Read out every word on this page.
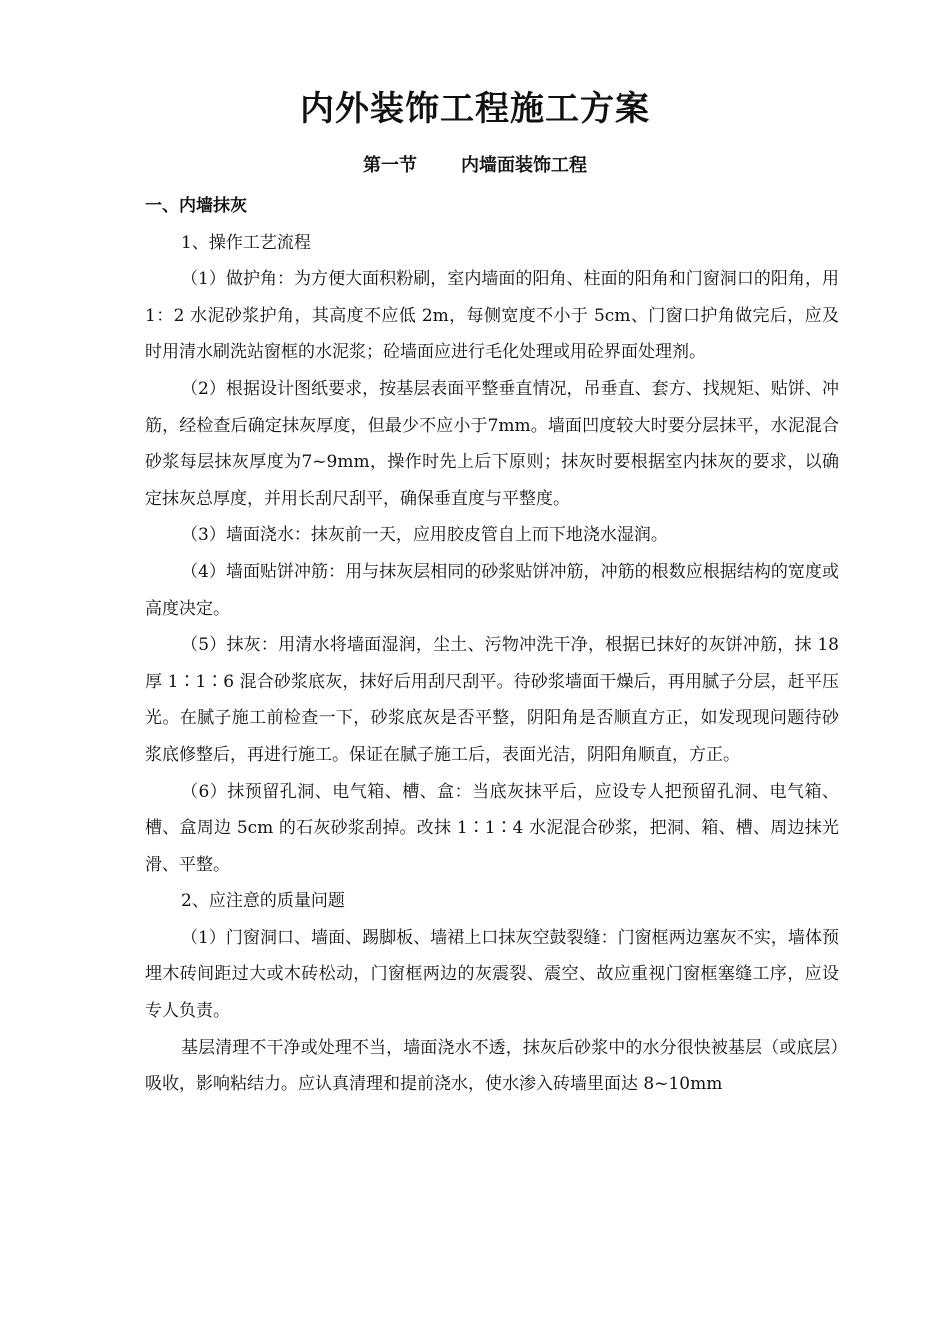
内外装饰工程施工方案
第一节 内墙面装饰工程

一、内墙抹灰

1、操作工艺流程

（1）做护角：为方便大面积粉刷，室内墙面的阳角、柱面的阳角和门窗洞口的阳角，用 1：2 水泥砂浆护角，其高度不应低 2m，每侧宽度不小于 5cm、门窗口护角做完后，应及时用清水刷洗站窗框的水泥浆；砼墙面应进行毛化处理或用砼界面处理剂。

（2）根据设计图纸要求，按基层表面平整垂直情况，吊垂直、套方、找规矩、贴饼、冲筋，经检查后确定抹灰厚度，但最少不应小于7mm。墙面凹度较大时要分层抹平，水泥混合砂浆每层抹灰厚度为7~9mm，操作时先上后下原则；抹灰时要根据室内抹灰的要求，以确定抹灰总厚度，并用长刮尺刮平，确保垂直度与平整度。

（3）墙面浇水：抹灰前一天，应用胶皮管自上而下地浇水湿润。

（4）墙面贴饼冲筋：用与抹灰层相同的砂浆贴饼冲筋，冲筋的根数应根据结构的宽度或高度决定。

（5）抹灰：用清水将墙面湿润，尘土、污物冲洗干净，根据已抹好的灰饼冲筋，抹 18 厚 1∶1∶6 混合砂浆底灰，抹好后用刮尺刮平。待砂浆墙面干燥后，再用腻子分层，赶平压光。在腻子施工前检查一下，砂浆底灰是否平整，阴阳角是否顺直方正，如发现现问题待砂浆底修整后，再进行施工。保证在腻子施工后，表面光洁，阴阳角顺直，方正。

（6）抹预留孔洞、电气箱、槽、盒：当底灰抹平后，应设专人把预留孔洞、电气箱、槽、盒周边 5cm 的石灰砂浆刮掉。改抹 1∶1∶4 水泥混合砂浆，把洞、箱、槽、周边抹光滑、平整。

2、应注意的质量问题

（1）门窗洞口、墙面、踢脚板、墙裙上口抹灰空鼓裂缝：门窗框两边塞灰不实，墙体预埋木砖间距过大或木砖松动，门窗框两边的灰震裂、震空、故应重视门窗框塞缝工序，应设专人负责。

基层清理不干净或处理不当，墙面浇水不透，抹灰后砂浆中的水分很快被基层（或底层）吸收，影响粘结力。应认真清理和提前浇水，使水渗入砖墙里面达 8~10mm
